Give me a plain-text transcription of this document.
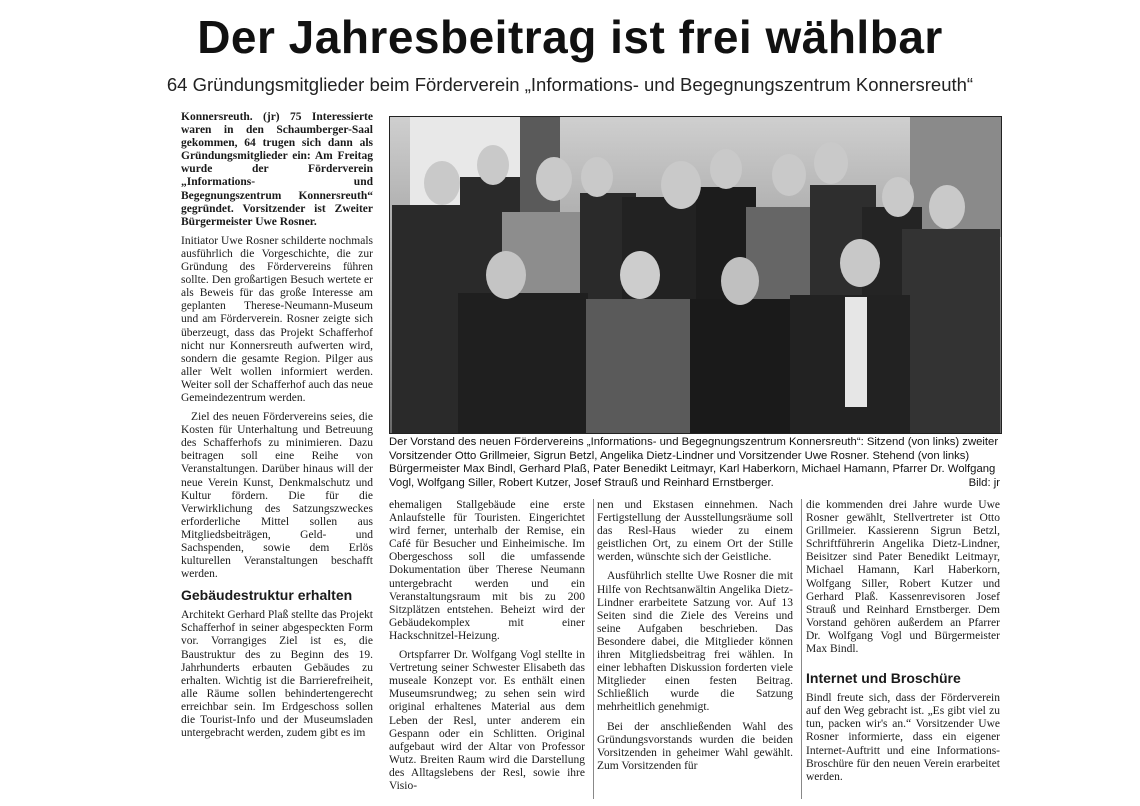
Der Jahresbeitrag ist frei wählbar
64 Gründungsmitglieder beim Förderverein „Informations- und Begegnungszentrum Konnersreuth“

Konnersreuth. (jr) 75 Interessierte waren in den Schaumberger-Saal gekommen, 64 trugen sich dann als Gründungsmitglieder ein: Am Freitag wurde der Förderverein „Informations- und Begegnungszentrum Konnersreuth“ gegründet. Vorsitzender ist Zweiter Bürgermeister Uwe Rosner.

Initiator Uwe Rosner schilderte nochmals ausführlich die Vorgeschichte, die zur Gründung des Fördervereins führen sollte. Den großartigen Besuch wertete er als Beweis für das große Interesse am geplanten Therese-Neumann-Museum und am Förderverein. Rosner zeigte sich überzeugt, dass das Projekt Schafferhof nicht nur Konnersreuth aufwerten wird, sondern die gesamte Region. Pilger aus aller Welt wollen informiert werden. Weiter soll der Schafferhof auch das neue Gemeindezentrum werden.

Ziel des neuen Fördervereins seies, die Kosten für Unterhaltung und Betreuung des Schafferhofs zu minimieren. Dazu beitragen soll eine Reihe von Veranstaltungen. Darüber hinaus will der neue Verein Kunst, Denkmalschutz und Kultur fördern. Die für die Verwirklichung des Satzungszweckes erforderliche Mittel sollen aus Mitgliedsbeiträgen, Geld- und Sachspenden, sowie dem Erlös kulturellen Veranstaltungen beschafft werden.

Gebäudestruktur erhalten

Architekt Gerhard Plaß stellte das Projekt Schafferhof in seiner abgespeckten Form vor. Vorrangiges Ziel ist es, die Baustruktur des zu Beginn des 19. Jahrhunderts erbauten Gebäudes zu erhalten. Wichtig ist die Barrierefreiheit, alle Räume sollen behindertengerecht erreichbar sein. Im Erdgeschoss sollen die Tourist-Info und der Museumsladen untergebracht werden, zudem gibt es im

Der Vorstand des neuen Fördervereins „Informations- und Begegnungszentrum Konnersreuth“: Sitzend (von links) zweiter Vorsitzender Otto Grillmeier, Sigrun Betzl, Angelika Dietz-Lindner und Vorsitzender Uwe Rosner. Stehend (von links) Bürgermeister Max Bindl, Gerhard Plaß, Pater Benedikt Leitmayr, Karl Haberkorn, Michael Hamann, Pfarrer Dr. Wolfgang Vogl, Wolfgang Siller, Robert Kutzer, Josef Strauß und Reinhard Ernstberger.	Bild: jr

ehemaligen Stallgebäude eine erste Anlaufstelle für Touristen. Eingerichtet wird ferner, unterhalb der Remise, ein Café für Besucher und Einheimische. Im Obergeschoss soll die umfassende Dokumentation über Therese Neumann untergebracht werden und ein Veranstaltungsraum mit bis zu 200 Sitzplätzen entstehen. Beheizt wird der Gebäudekomplex mit einer Hackschnitzel-Heizung.

Ortspfarrer Dr. Wolfgang Vogl stellte in Vertretung seiner Schwester Elisabeth das museale Konzept vor. Es enthält einen Museumsrundweg; zu sehen sein wird original erhaltenes Material aus dem Leben der Resl, unter anderem ein Gespann oder ein Schlitten. Original aufgebaut wird der Altar von Professor Wutz. Breiten Raum wird die Darstellung des Alltagslebens der Resl, sowie ihre Visio-

nen und Ekstasen einnehmen. Nach Fertigstellung der Ausstellungsräume soll das Resl-Haus wieder zu einem geistlichen Ort, zu einem Ort der Stille werden, wünschte sich der Geistliche.

Ausführlich stellte Uwe Rosner die mit Hilfe von Rechtsanwältin Angelika Dietz-Lindner erarbeitete Satzung vor. Auf 13 Seiten sind die Ziele des Vereins und seine Aufgaben beschrieben. Das Besondere dabei, die Mitglieder können ihren Mitgliedsbeitrag frei wählen. In einer lebhaften Diskussion forderten viele Mitglieder einen festen Beitrag. Schließlich wurde die Satzung mehrheitlich genehmigt.

Bei der anschließenden Wahl des Gründungsvorstands wurden die beiden Vorsitzenden in geheimer Wahl gewählt. Zum Vorsitzenden für

die kommenden drei Jahre wurde Uwe Rosner gewählt, Stellvertreter ist Otto Grillmeier. Kassierenn Sigrun Betzl, Schriftführerin Angelika Dietz-Lindner, Beisitzer sind Pater Benedikt Leitmayr, Michael Hamann, Karl Haberkorn, Wolfgang Siller, Robert Kutzer und Gerhard Plaß. Kassenrevisoren Josef Strauß und Reinhard Ernstberger. Dem Vorstand gehören außerdem an Pfarrer Dr. Wolfgang Vogl und Bürgermeister Max Bindl.

Internet und Broschüre

Bindl freute sich, dass der Förderverein auf den Weg gebracht ist. „Es gibt viel zu tun, packen wir's an.“ Vorsitzender Uwe Rosner informierte, dass ein eigener Internet-Auftritt und eine Informations-Broschüre für den neuen Verein erarbeitet werden.
